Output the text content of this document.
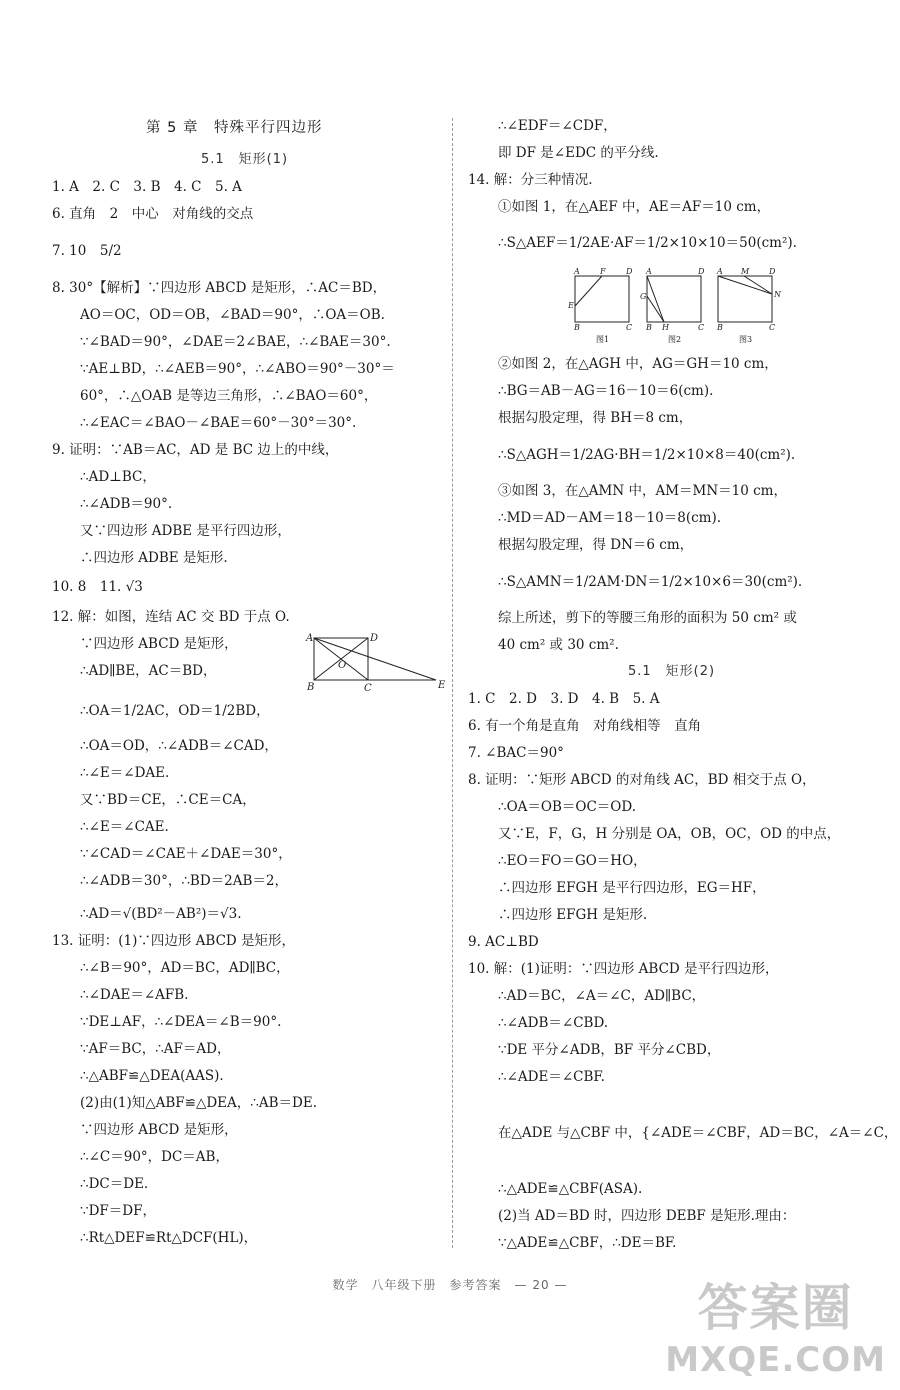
第 5 章　特殊平行四边形
5.1　矩形(1)
1. A　2. C　3. B　4. C　5. A
6. 直角　2　中心　对角线的交点
7. 10　5/2
8. 30°【解析】∵四边形 ABCD 是矩形，∴AC＝BD，
AO＝OC，OD＝OB，∠BAD＝90°，∴OA＝OB.
∵∠BAD＝90°，∠DAE＝2∠BAE，∴∠BAE＝30°.
∵AE⊥BD，∴∠AEB＝90°，∴∠ABO＝90°－30°＝
60°，∴△OAB 是等边三角形，∴∠BAO＝60°，
∴∠EAC＝∠BAO－∠BAE＝60°－30°＝30°.
9. 证明：∵AB＝AC，AD 是 BC 边上的中线，
∴AD⊥BC，
∴∠ADB＝90°.
又∵四边形 ADBE 是平行四边形，
∴四边形 ADBE 是矩形.
10. 8　11. √3
12. 解：如图，连结 AC 交 BD 于点 O.
∵四边形 ABCD 是矩形，
∴AD∥BE，AC＝BD，
∴OA＝1/2AC，OD＝1/2BD，
∴OA＝OD，∴∠ADB＝∠CAD，
∴∠E＝∠DAE.
又∵BD＝CE，∴CE＝CA，
∴∠E＝∠CAE.
∵∠CAD＝∠CAE＋∠DAE＝30°，
∴∠ADB＝30°，∴BD＝2AB＝2，
∴AD＝√(BD²－AB²)＝√3.
13. 证明：(1)∵四边形 ABCD 是矩形，
∴∠B＝90°，AD＝BC，AD∥BC，
∴∠DAE＝∠AFB.
∵DE⊥AF，∴∠DEA＝∠B＝90°.
∵AF＝BC，∴AF＝AD，
∴△ABF≌△DEA(AAS).
(2)由(1)知△ABF≌△DEA，∴AB＝DE.
∵四边形 ABCD 是矩形，
∴∠C＝90°，DC＝AB，
∴DC＝DE.
∵DF＝DF，
∴Rt△DEF≌Rt△DCF(HL)，
A	D
O
B	C	E
∴∠EDF＝∠CDF，
即 DF 是∠EDC 的平分线.
14. 解：分三种情况.
①如图 1，在△AEF 中，AE＝AF＝10 cm，
∴S△AEF＝1/2AE·AF＝1/2×10×10＝50(cm²).
②如图 2，在△AGH 中，AG＝GH＝10 cm，
∴BG＝AB－AG＝16－10＝6(cm).
根据勾股定理，得 BH＝8 cm，
∴S△AGH＝1/2AG·BH＝1/2×10×8＝40(cm²).
③如图 3，在△AMN 中，AM＝MN＝10 cm，
∴MD＝AD－AM＝18－10＝8(cm).
根据勾股定理，得 DN＝6 cm，
∴S△AMN＝1/2AM·DN＝1/2×10×6＝30(cm²).
综上所述，剪下的等腰三角形的面积为 50 cm² 或
40 cm² 或 30 cm².
5.1　矩形(2)
1. C　2. D　3. D　4. B　5. A
6. 有一个角是直角　对角线相等　直角
7. ∠BAC＝90°
8. 证明：∵矩形 ABCD 的对角线 AC，BD 相交于点 O，
∴OA＝OB＝OC＝OD.
又∵E，F，G，H 分别是 OA，OB，OC，OD 的中点，
∴EO＝FO＝GO＝HO，
∴四边形 EFGH 是平行四边形，EG＝HF，
∴四边形 EFGH 是矩形.
9. AC⊥BD
10. 解：(1)证明：∵四边形 ABCD 是平行四边形，
∴AD＝BC，∠A＝∠C，AD∥BC，
∴∠ADB＝∠CBD.
∵DE 平分∠ADB，BF 平分∠CBD，
∴∠ADE＝∠CBF.
在△ADE 与△CBF 中，{∠ADE＝∠CBF，AD＝BC，∠A＝∠C，
∴△ADE≌△CBF(ASA).
(2)当 AD＝BD 时，四边形 DEBF 是矩形.理由：
∵△ADE≌△CBF，∴DE＝BF.
A	F	D
E
B	C
A	D
G
B H	C
A M D
N
B	C
图1	图2	图3
数学　八年级下册　参考答案　— 20 —	答案圈
MXQE.COM
